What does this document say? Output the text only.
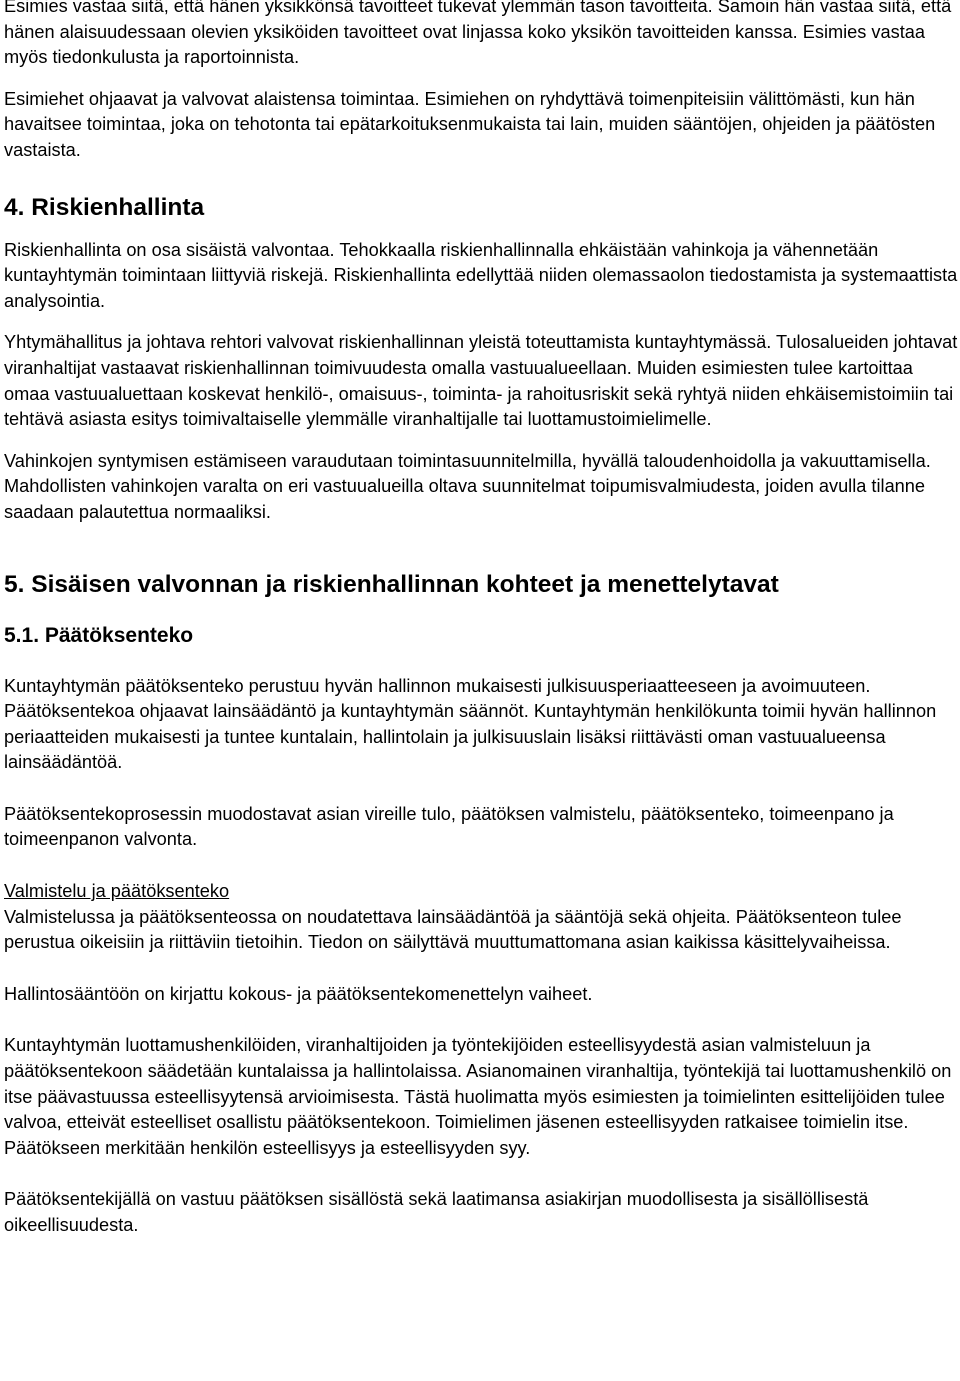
Esimies vastaa siitä, että hänen yksikkönsä tavoitteet tukevat ylemmän tason tavoitteita. Samoin hän vastaa siitä, että hänen alaisuudessaan olevien yksiköiden tavoitteet ovat linjassa koko yksikön tavoitteiden kanssa. Esimies vastaa myös tiedonkulusta ja raportoinnista.

Esimiehet ohjaavat ja valvovat alaistensa toimintaa. Esimiehen on ryhdyttävä toimenpiteisiin välittömästi, kun hän havaitsee toimintaa, joka on tehotonta tai epätarkoituksenmukaista tai lain, muiden sääntöjen, ohjeiden ja päätösten vastaista.

4. Riskienhallinta

Riskienhallinta on osa sisäistä valvontaa. Tehokkaalla riskienhallinnalla ehkäistään vahinkoja ja vähennetään kuntayhtymän toimintaan liittyviä riskejä. Riskienhallinta edellyttää niiden olemassaolon tiedostamista ja systemaattista analysointia.

Yhtymähallitus ja johtava rehtori valvovat riskienhallinnan yleistä toteuttamista kuntayhtymässä. Tulosalueiden johtavat viranhaltijat vastaavat riskienhallinnan toimivuudesta omalla vastuualueellaan. Muiden esimiesten tulee kartoittaa omaa vastuualuettaan koskevat henkilö-, omaisuus-, toiminta- ja rahoitusriskit sekä ryhtyä niiden ehkäisemistoimiin tai tehtävä asiasta esitys toimivaltaiselle ylemmälle viranhaltijalle tai luottamustoimielimelle.

Vahinkojen syntymisen estämiseen varaudutaan toimintasuunnitelmilla, hyvällä taloudenhoidolla ja vakuuttamisella. Mahdollisten vahinkojen varalta on eri vastuualueilla oltava suunnitelmat toipumisvalmiudesta, joiden avulla tilanne saadaan palautettua normaaliksi.

5. Sisäisen valvonnan ja riskienhallinnan kohteet ja menettelytavat
5.1. Päätöksenteko

Kuntayhtymän päätöksenteko perustuu hyvän hallinnon mukaisesti julkisuusperiaatteeseen ja avoimuuteen. Päätöksentekoa ohjaavat lainsäädäntö ja kuntayhtymän säännöt. Kuntayhtymän henkilökunta toimii hyvän hallinnon periaatteiden mukaisesti ja tuntee kuntalain, hallintolain ja julkisuuslain lisäksi riittävästi oman vastuualueensa lainsäädäntöä.

Päätöksentekoprosessin muodostavat asian vireille tulo, päätöksen valmistelu, päätöksenteko, toimeenpano ja toimeenpanon valvonta.

Valmistelu ja päätöksenteko

Valmistelussa ja päätöksenteossa on noudatettava lainsäädäntöä ja sääntöjä sekä ohjeita. Päätöksenteon tulee perustua oikeisiin ja riittäviin tietoihin. Tiedon on säilyttävä muuttumattomana asian kaikissa käsittelyvaiheissa.

Hallintosääntöön on kirjattu kokous- ja päätöksentekomenettelyn vaiheet.

Kuntayhtymän luottamushenkilöiden, viranhaltijoiden ja työntekijöiden esteellisyydestä asian valmisteluun ja päätöksentekoon säädetään kuntalaissa ja hallintolaissa. Asianomainen viranhaltija, työntekijä tai luottamushenkilö on itse päävastuussa esteellisyytensä arvioimisesta. Tästä huolimatta myös esimiesten ja toimielinten esittelijöiden tulee valvoa, etteivät esteelliset osallistu päätöksentekoon. Toimielimen jäsenen esteellisyyden ratkaisee toimielin itse. Päätökseen merkitään henkilön esteellisyys ja esteellisyyden syy.

Päätöksentekijällä on vastuu päätöksen sisällöstä sekä laatimansa asiakirjan muodollisesta ja sisällöllisestä oikeellisuudesta.
